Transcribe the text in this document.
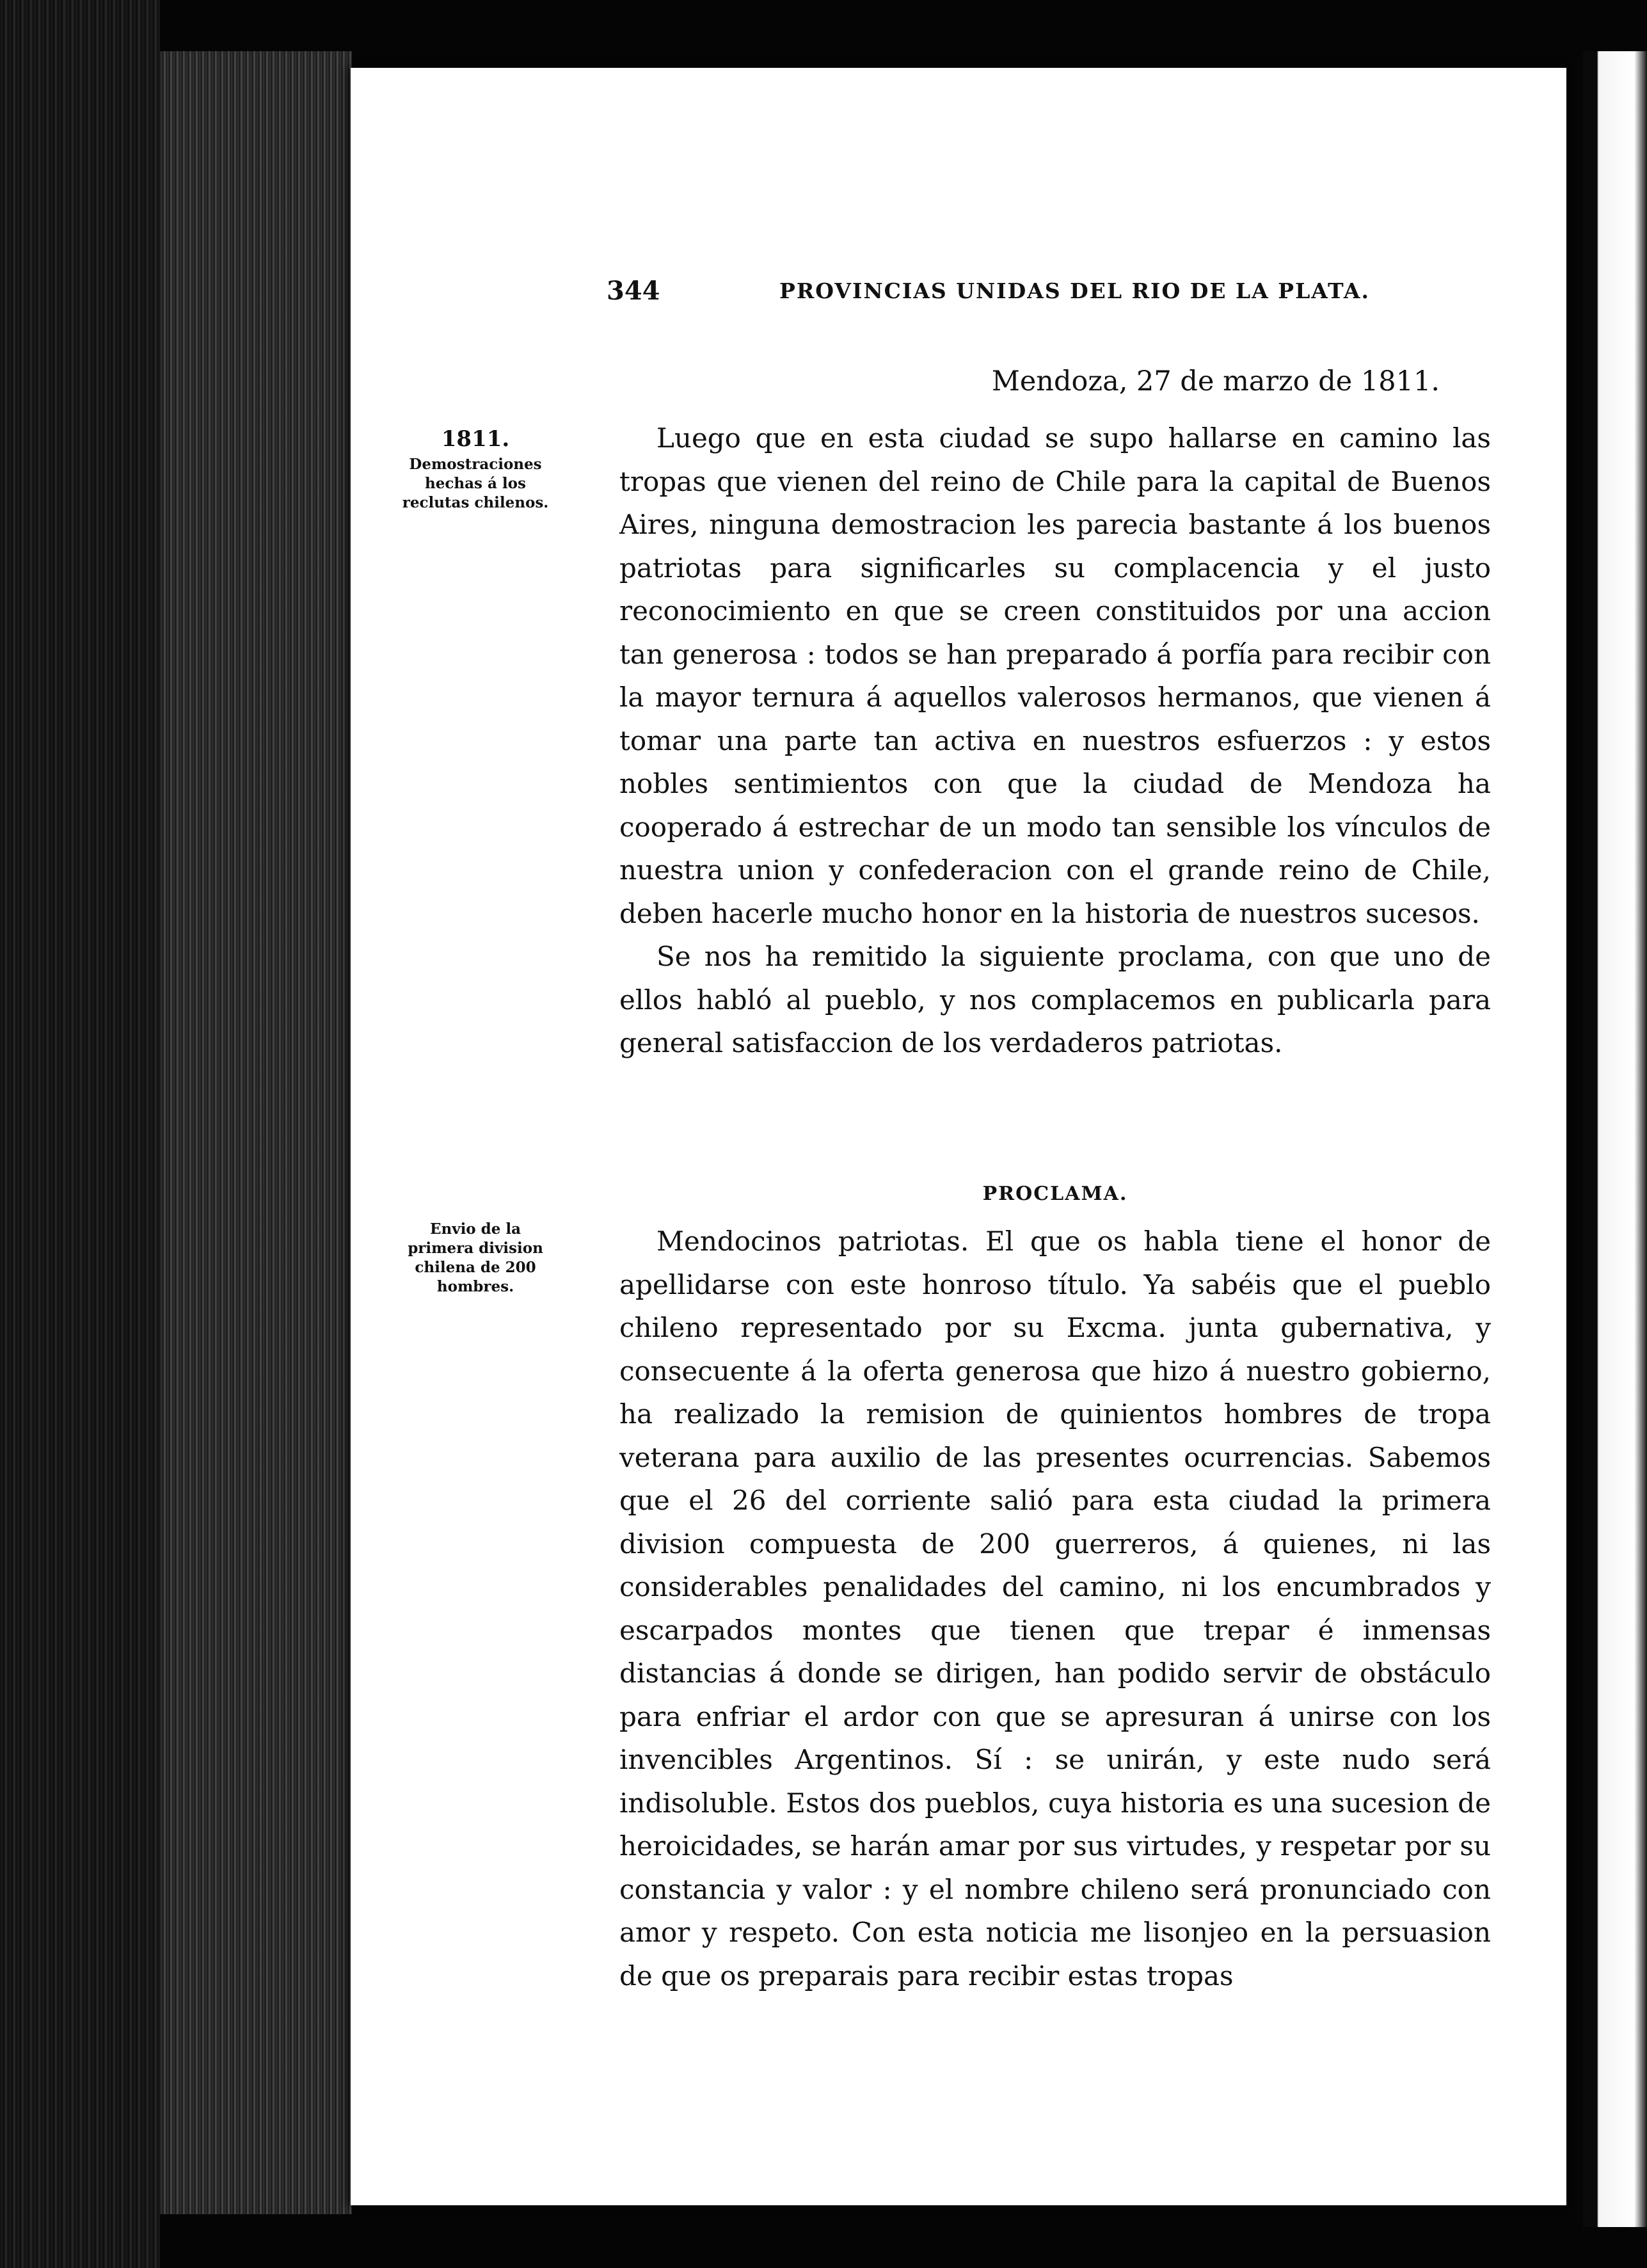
344	PROVINCIAS UNIDAS DEL RIO DE LA PLATA.
Mendoza, 27 de marzo de 1811.
1811.
Demostraciones hechas á los reclutas chilenos.

Luego que en esta ciudad se supo hallarse en camino las tropas que vienen del reino de Chile para la capital de Buenos Aires, ninguna demostracion les parecia bastante á los buenos patriotas para significarles su complacencia y el justo reconocimiento en que se creen constituidos por una accion tan generosa : todos se han preparado á porfía para recibir con la mayor ternura á aquellos valerosos hermanos, que vienen á tomar una parte tan activa en nuestros esfuerzos : y estos nobles sentimientos con que la ciudad de Mendoza ha cooperado á estrechar de un modo tan sensible los vínculos de nuestra union y confederacion con el grande reino de Chile, deben hacerle mucho honor en la historia de nuestros sucesos.

Se nos ha remitido la siguiente proclama, con que uno de ellos habló al pueblo, y nos complacemos en publicarla para general satisfaccion de los verdaderos patriotas.

PROCLAMA.
Envio de la primera division chilena de 200 hombres.

Mendocinos patriotas. El que os habla tiene el honor de apellidarse con este honroso título. Ya sabéis que el pueblo chileno representado por su Excma. junta gubernativa, y consecuente á la oferta generosa que hizo á nuestro gobierno, ha realizado la remision de quinientos hombres de tropa veterana para auxilio de las presentes ocurrencias. Sabemos que el 26 del corriente salió para esta ciudad la primera division compuesta de 200 guerreros, á quienes, ni las considerables penalidades del camino, ni los encumbrados y escarpados montes que tienen que trepar é inmensas distancias á donde se dirigen, han podido servir de obstáculo para enfriar el ardor con que se apresuran á unirse con los invencibles Argentinos. Sí : se unirán, y este nudo será indisoluble. Estos dos pueblos, cuya historia es una sucesion de heroicidades, se harán amar por sus virtudes, y respetar por su constancia y valor : y el nombre chileno será pronunciado con amor y respeto. Con esta noticia me lisonjeo en la persuasion de que os preparais para recibir estas tropas
